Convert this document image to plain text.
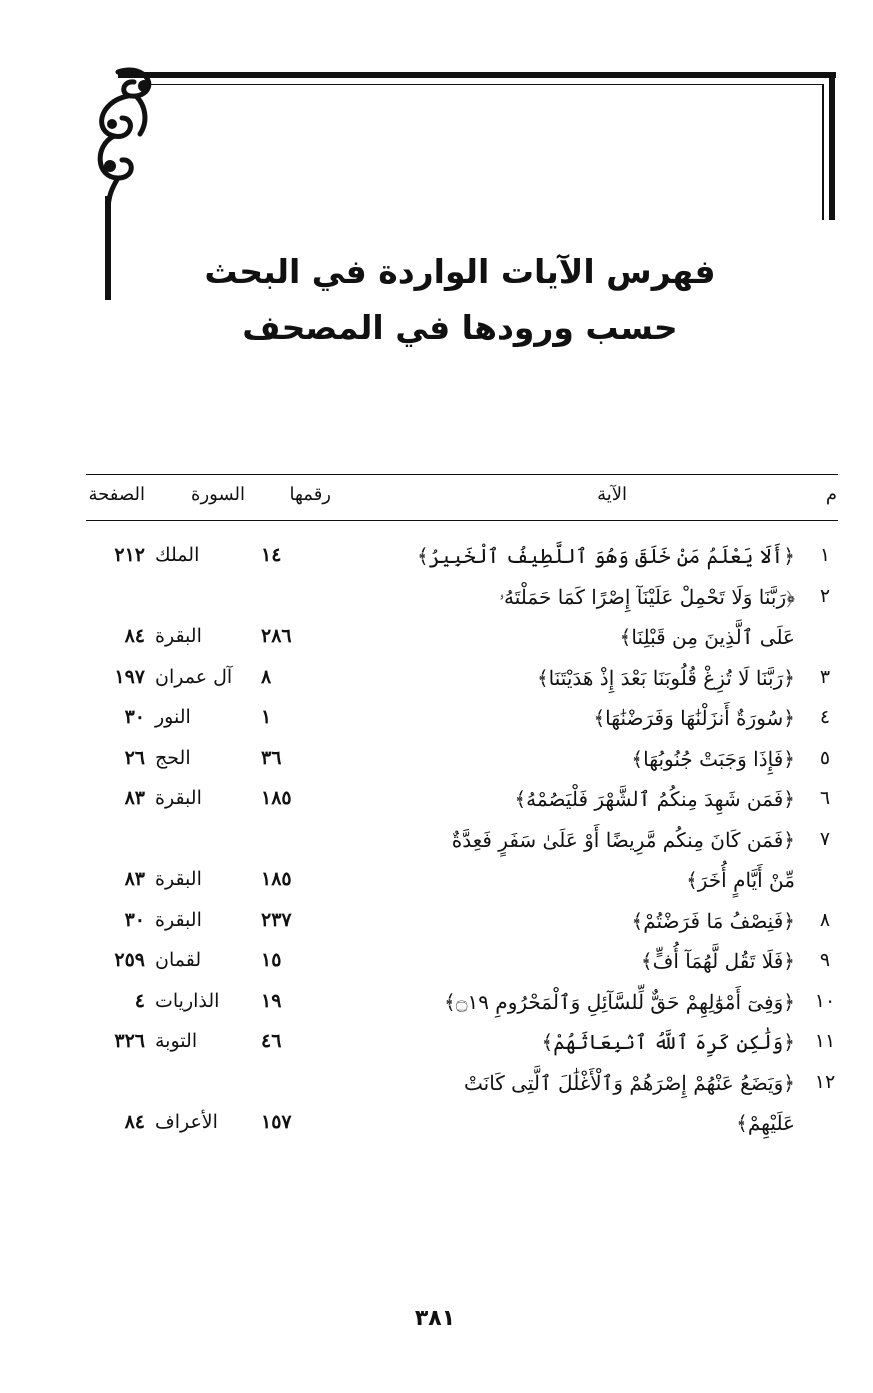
فهرس الآيات الواردة في البحث
حسب ورودها في المصحف
م
الآية
رقمها
السورة
الصفحة
١
﴿أَلَا يَعْلَمُ مَنْ خَلَقَ وَهُوَ ٱللَّطِيفُ ٱلْخَبِيرُ﴾
١٤
الملك
٢١٢
٢
﴿رَبَّنَا وَلَا تَحْمِلْ عَلَيْنَآ إِصْرًا كَمَا حَمَلْتَهُۥ
عَلَى ٱلَّذِينَ مِن قَبْلِنَا﴾
٢٨٦
البقرة
٨٤
٣
﴿رَبَّنَا لَا تُزِغْ قُلُوبَنَا بَعْدَ إِذْ هَدَيْتَنَا﴾
٨
آل عمران
١٩٧
٤
﴿سُورَةٌ أَنزَلْنَٰهَا وَفَرَضْنَٰهَا﴾
١
النور
٣٠
٥
﴿فَإِذَا وَجَبَتْ جُنُوبُهَا﴾
٣٦
الحج
٢٦
٦
﴿فَمَن شَهِدَ مِنكُمُ ٱلشَّهْرَ فَلْيَصُمْهُ﴾
١٨٥
البقرة
٨٣
٧
﴿فَمَن كَانَ مِنكُم مَّرِيضًا أَوْ عَلَىٰ سَفَرٍ فَعِدَّةٌ
مِّنْ أَيَّامٍ أُخَرَ﴾
١٨٥
البقرة
٨٣
٨
﴿فَنِصْفُ مَا فَرَضْتُمْ﴾
٢٣٧
البقرة
٣٠
٩
﴿فَلَا تَقُل لَّهُمَآ أُفٍّ﴾
١٥
لقمان
٢٥٩
١٠
﴿وَفِىٓ أَمْوَٰلِهِمْ حَقٌّ لِّلسَّآئِلِ وَٱلْمَحْرُومِ ۝١٩﴾
١٩
الذاريات
٤
١١
﴿وَلَٰكِن كَرِهَ ٱللَّهُ ٱنۢبِعَاثَهُمْ﴾
٤٦
التوبة
٣٢٦
١٢
﴿وَيَضَعُ عَنْهُمْ إِصْرَهُمْ وَٱلْأَغْلَٰلَ ٱلَّتِى كَانَتْ
عَلَيْهِمْ﴾
١٥٧
الأعراف
٨٤
٣٨١
